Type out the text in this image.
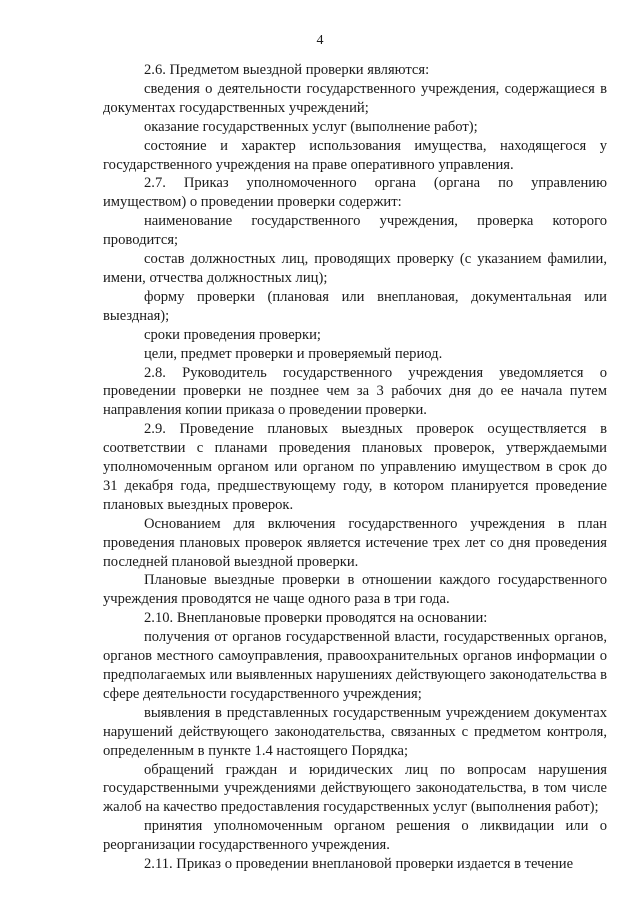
4

2.6. Предметом выездной проверки являются:

сведения о деятельности государственного учреждения, содержащиеся в документах государственных учреждений;

оказание государственных услуг (выполнение работ);

состояние и характер использования имущества, находящегося у государственного учреждения на праве оперативного управления.

2.7. Приказ уполномоченного органа (органа по управлению имуществом) о проведении проверки содержит:

наименование государственного учреждения, проверка которого проводится;

состав должностных лиц, проводящих проверку (с указанием фамилии, имени, отчества должностных лиц);

форму проверки (плановая или внеплановая, документальная или выездная);

сроки проведения проверки;

цели, предмет проверки и проверяемый период.

2.8. Руководитель государственного учреждения уведомляется о проведении проверки не позднее чем за 3 рабочих дня до ее начала путем направления копии приказа о проведении проверки.

2.9. Проведение плановых выездных проверок осуществляется в соответствии с планами проведения плановых проверок, утверждаемыми уполномоченным органом или органом по управлению имуществом в срок до 31 декабря года, предшествующему году, в котором планируется проведение плановых выездных проверок.

Основанием для включения государственного учреждения в план проведения плановых проверок является истечение трех лет со дня проведения последней плановой выездной проверки.

Плановые выездные проверки в отношении каждого государственного учреждения проводятся не чаще одного раза в три года.

2.10. Внеплановые проверки проводятся на основании:

получения от органов государственной власти, государственных органов, органов местного самоуправления, правоохранительных органов информации о предполагаемых или выявленных нарушениях действующего законодательства в сфере деятельности государственного учреждения;

выявления в представленных государственным учреждением документах нарушений действующего законодательства, связанных с предметом контроля, определенным в пункте 1.4 настоящего Порядка;

обращений граждан и юридических лиц по вопросам нарушения государственными учреждениями действующего законодательства, в том числе жалоб на качество предоставления государственных услуг (выполнения работ);

принятия уполномоченным органом решения о ликвидации или о реорганизации государственного учреждения.

2.11. Приказ о проведении внеплановой проверки издается в течение
